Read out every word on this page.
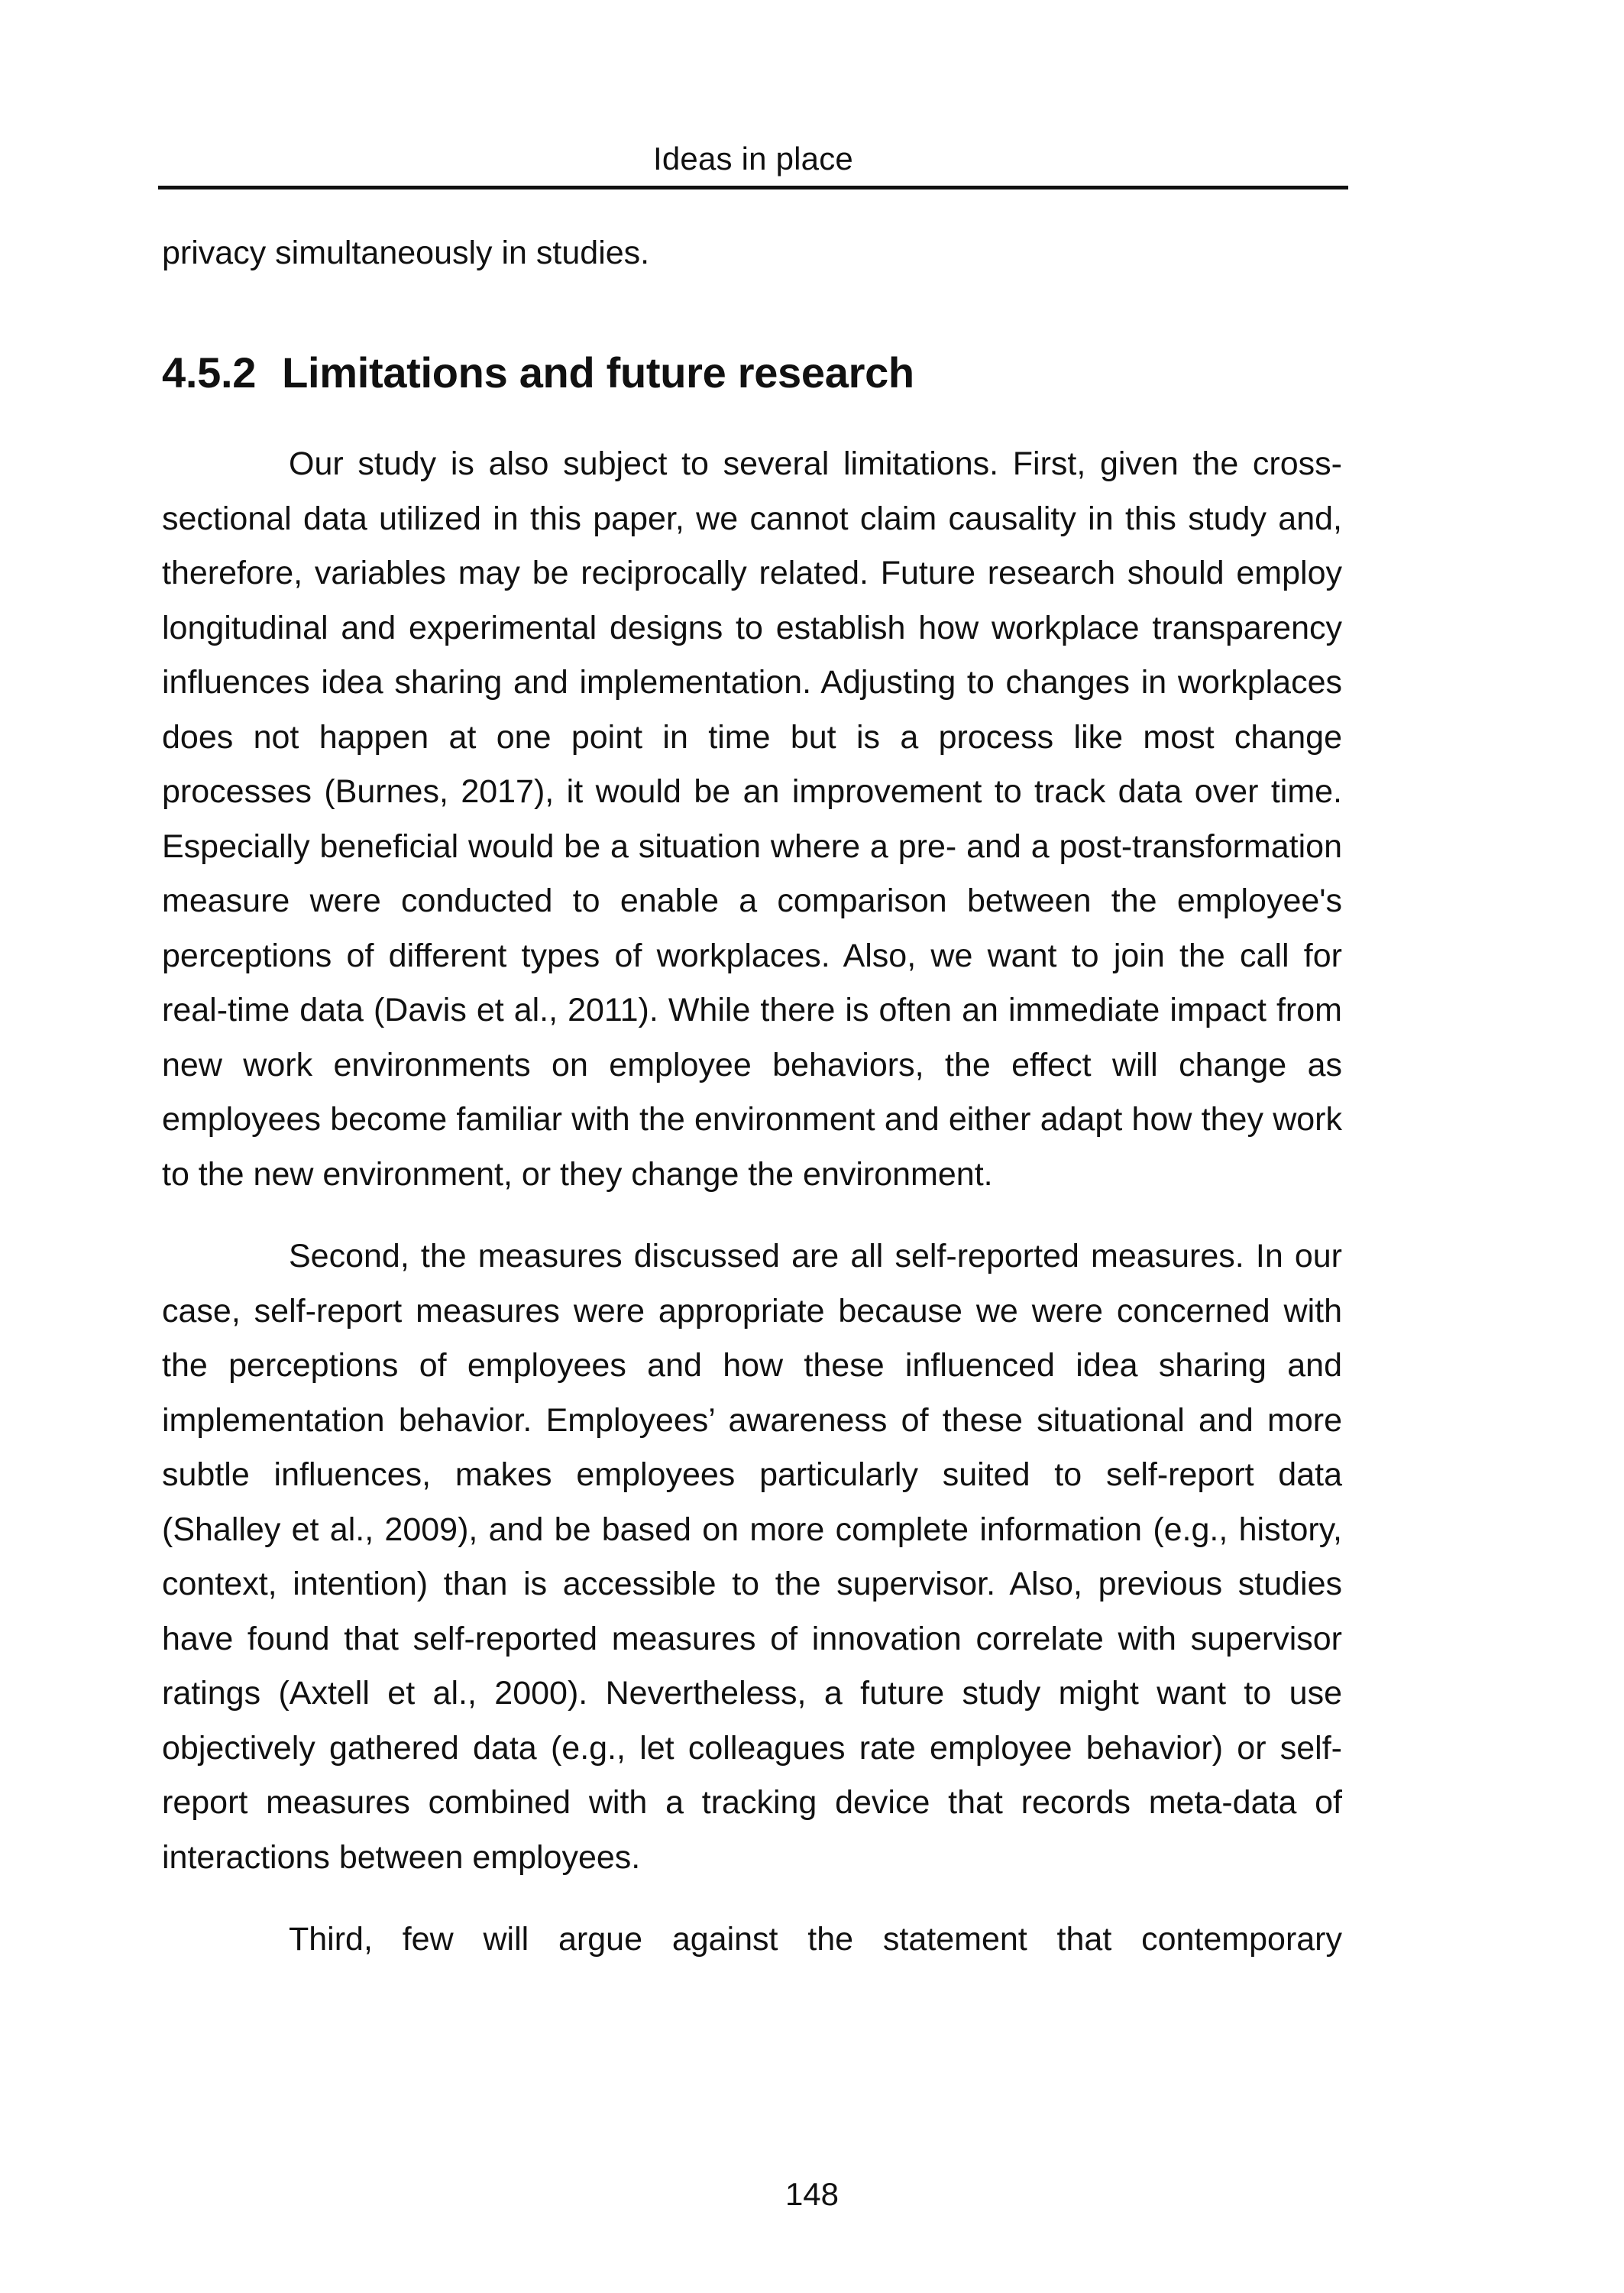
Ideas in place

privacy simultaneously in studies.

4.5.2 Limitations and future research

Our study is also subject to several limitations. First, given the cross-sectional data utilized in this paper, we cannot claim causality in this study and, therefore, variables may be reciprocally related. Future research should employ longitudinal and experimental designs to establish how workplace transparency influences idea sharing and implementation. Adjusting to changes in workplaces does not happen at one point in time but is a process like most change processes (Burnes, 2017), it would be an improvement to track data over time. Especially beneficial would be a situation where a pre- and a post-transformation measure were conducted to enable a comparison between the employee's perceptions of different types of workplaces. Also, we want to join the call for real-time data (Davis et al., 2011). While there is often an immediate impact from new work environments on employee behaviors, the effect will change as employees become familiar with the environment and either adapt how they work to the new environment, or they change the environment.

Second, the measures discussed are all self-reported measures. In our case, self-report measures were appropriate because we were concerned with the perceptions of employees and how these influenced idea sharing and implementation behavior. Employees’ awareness of these situational and more subtle influences, makes employees particularly suited to self-report data (Shalley et al., 2009), and be based on more complete information (e.g., history, context, intention) than is accessible to the supervisor. Also, previous studies have found that self-reported measures of innovation correlate with supervisor ratings (Axtell et al., 2000). Nevertheless, a future study might want to use objectively gathered data (e.g., let colleagues rate employee behavior) or self-report measures combined with a tracking device that records meta-data of interactions between employees.

Third, few will argue against the statement that contemporary

148
